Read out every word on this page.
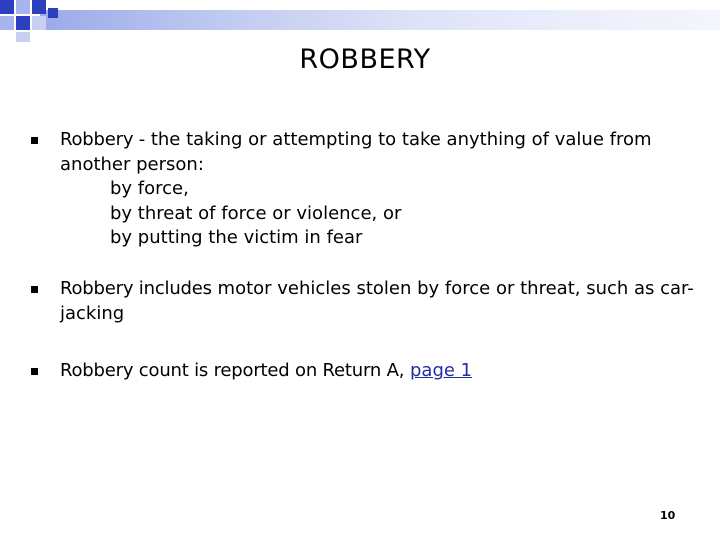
ROBBERY
Robbery - the taking or attempting to take anything of value from another person:
by force,
by threat of force or violence, or
by putting the victim in fear
Robbery includes motor vehicles stolen by force or threat, such as car-jacking
Robbery count is reported on Return A, page 1
10
